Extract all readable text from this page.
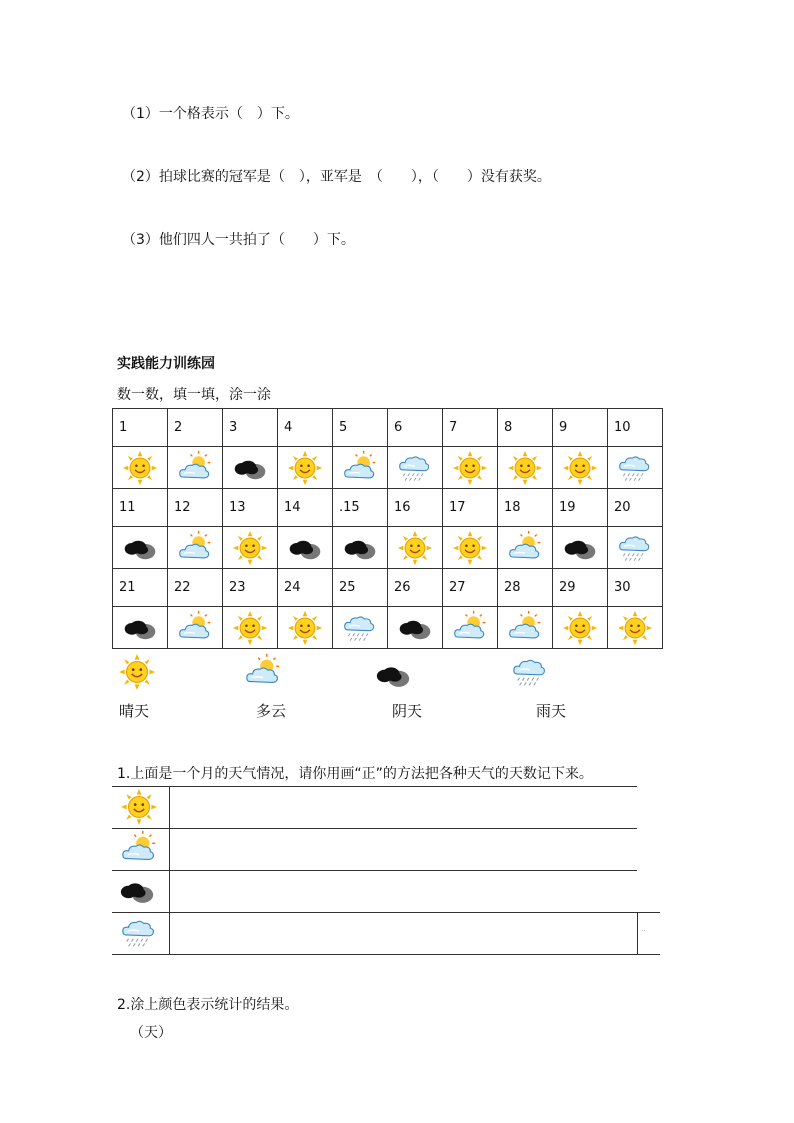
（1）一个格表示（　）下。
（2）拍球比赛的冠军是（　），亚军是　（　　），（　　）没有获奖。
（3）他们四人一共拍了（　　）下。
实践能力训练园
数一数，填一填，涂一涂
1	2	3	4	5	6	7	8	9	10

11	12	13	14	.15	16	17	18	19	20

21	22	23	24	25	26	27	28	29	30

晴天	多云	阴天	雨天
1.上面是一个月的天气情况，请你用画“正”的方法把各种天气的天数记下来。
..
2.涂上颜色表示统计的结果。
（天）
